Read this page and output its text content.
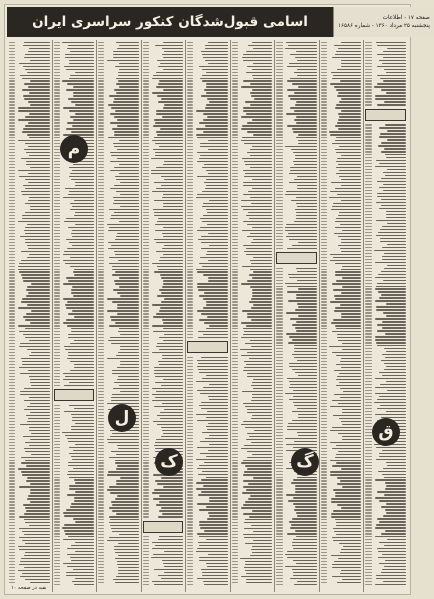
اسامی قبول‌شدگان کنکور سراسری ایران	صفحه ۱۷ - اطلاعات
پنجشنبه ۲۵ مرداد ۱۳۶۰ - شماره ۱۶۵۸۶
م
ل
ک	گ
ق
بقیه در صفحه ۱۰
